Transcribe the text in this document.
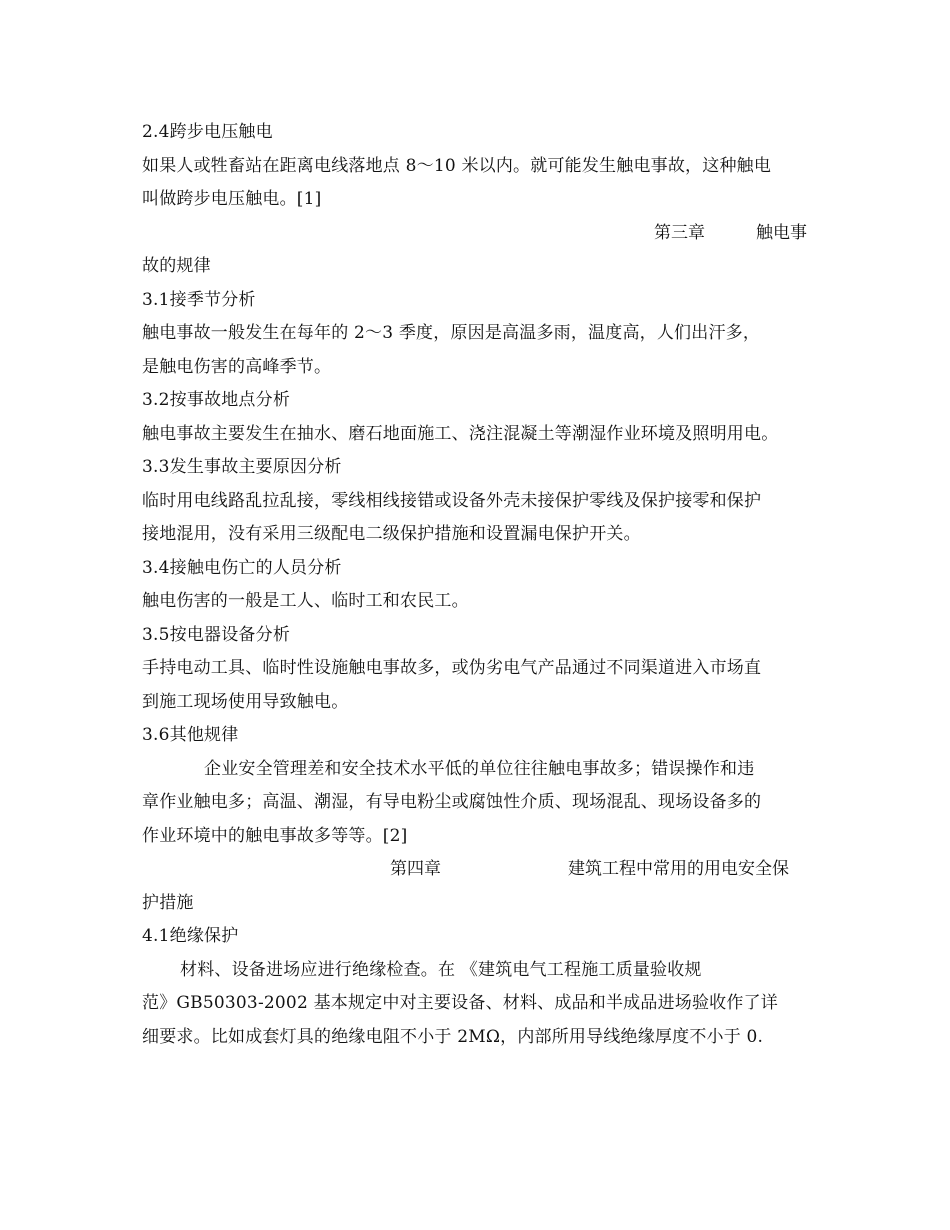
2.4跨步电压触电
如果人或牲畜站在距离电线落地点 8～10 米以内。就可能发生触电事故，这种触电
叫做跨步电压触电。[1]
第三章	触电事
故的规律
3.1接季节分析
触电事故一般发生在每年的 2～3 季度，原因是高温多雨，温度高，人们出汗多，
是触电伤害的高峰季节。
3.2按事故地点分析
触电事故主要发生在抽水、磨石地面施工、浇注混凝土等潮湿作业环境及照明用电。
3.3发生事故主要原因分析
临时用电线路乱拉乱接，零线相线接错或设备外壳未接保护零线及保护接零和保护
接地混用，没有采用三级配电二级保护措施和设置漏电保护开关。
3.4接触电伤亡的人员分析
触电伤害的一般是工人、临时工和农民工。
3.5按电器设备分析
手持电动工具、临时性设施触电事故多，或伪劣电气产品通过不同渠道进入市场直
到施工现场使用导致触电。
3.6其他规律
企业安全管理差和安全技术水平低的单位往往触电事故多；错误操作和违
章作业触电多；高温、潮湿，有导电粉尘或腐蚀性介质、现场混乱、现场设备多的
作业环境中的触电事故多等等。[2]
第四章	建筑工程中常用的用电安全保
护措施
4.1绝缘保护
材料、设备进场应进行绝缘检查。在 《建筑电气工程施工质量验收规
范》GB50303-2002 基本规定中对主要设备、材料、成品和半成品进场验收作了详
细要求。比如成套灯具的绝缘电阻不小于 2MΩ，内部所用导线绝缘厚度不小于 0.
